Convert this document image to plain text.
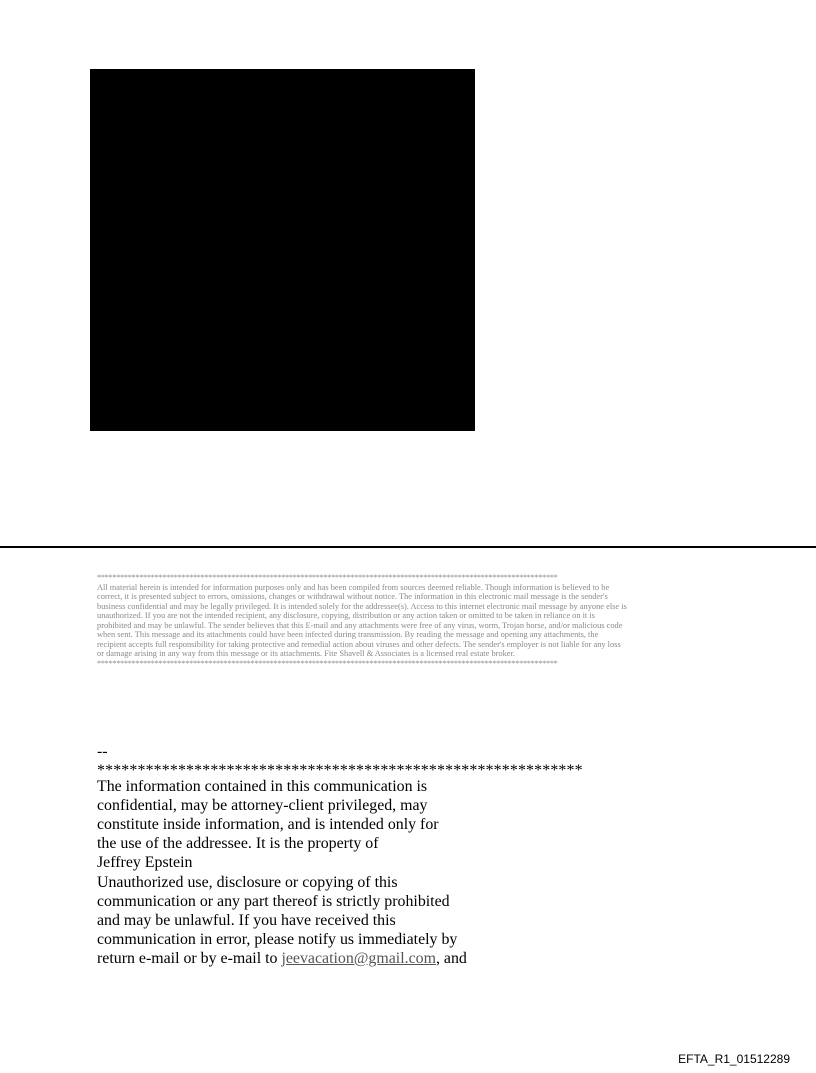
************************************************************************************************************************
All material herein is intended for information purposes only and has been compiled from sources deemed reliable. Though information is believed to be
correct, it is presented subject to errors, omissions, changes or withdrawal without notice. The information in this electronic mail message is the sender's
business confidential and may be legally privileged. It is intended solely for the addressee(s). Access to this internet electronic mail message by anyone else is
unauthorized. If you are not the intended recipient, any disclosure, copying, distribution or any action taken or omitted to be taken in reliance on it is
prohibited and may be unlawful. The sender believes that this E-mail and any attachments were free of any virus, worm, Trojan horse, and/or malicious code
when sent. This message and its attachments could have been infected during transmission. By reading the message and opening any attachments, the
recipient accepts full responsibility for taking protective and remedial action about viruses and other defects. The sender's employer is not liable for any loss
or damage arising in any way from this message or its attachments. Fite Shavell & Associates is a licensed real estate broker.
************************************************************************************************************************
--
************************************************************
The information contained in this communication is
confidential, may be attorney-client privileged, may
constitute inside information, and is intended only for
the use of the addressee. It is the property of
Jeffrey Epstein
Unauthorized use, disclosure or copying of this
communication or any part thereof is strictly prohibited
and may be unlawful. If you have received this
communication in error, please notify us immediately by
return e-mail or by e-mail to jeevacation@gmail.com, and
EFTA_R1_01512289
